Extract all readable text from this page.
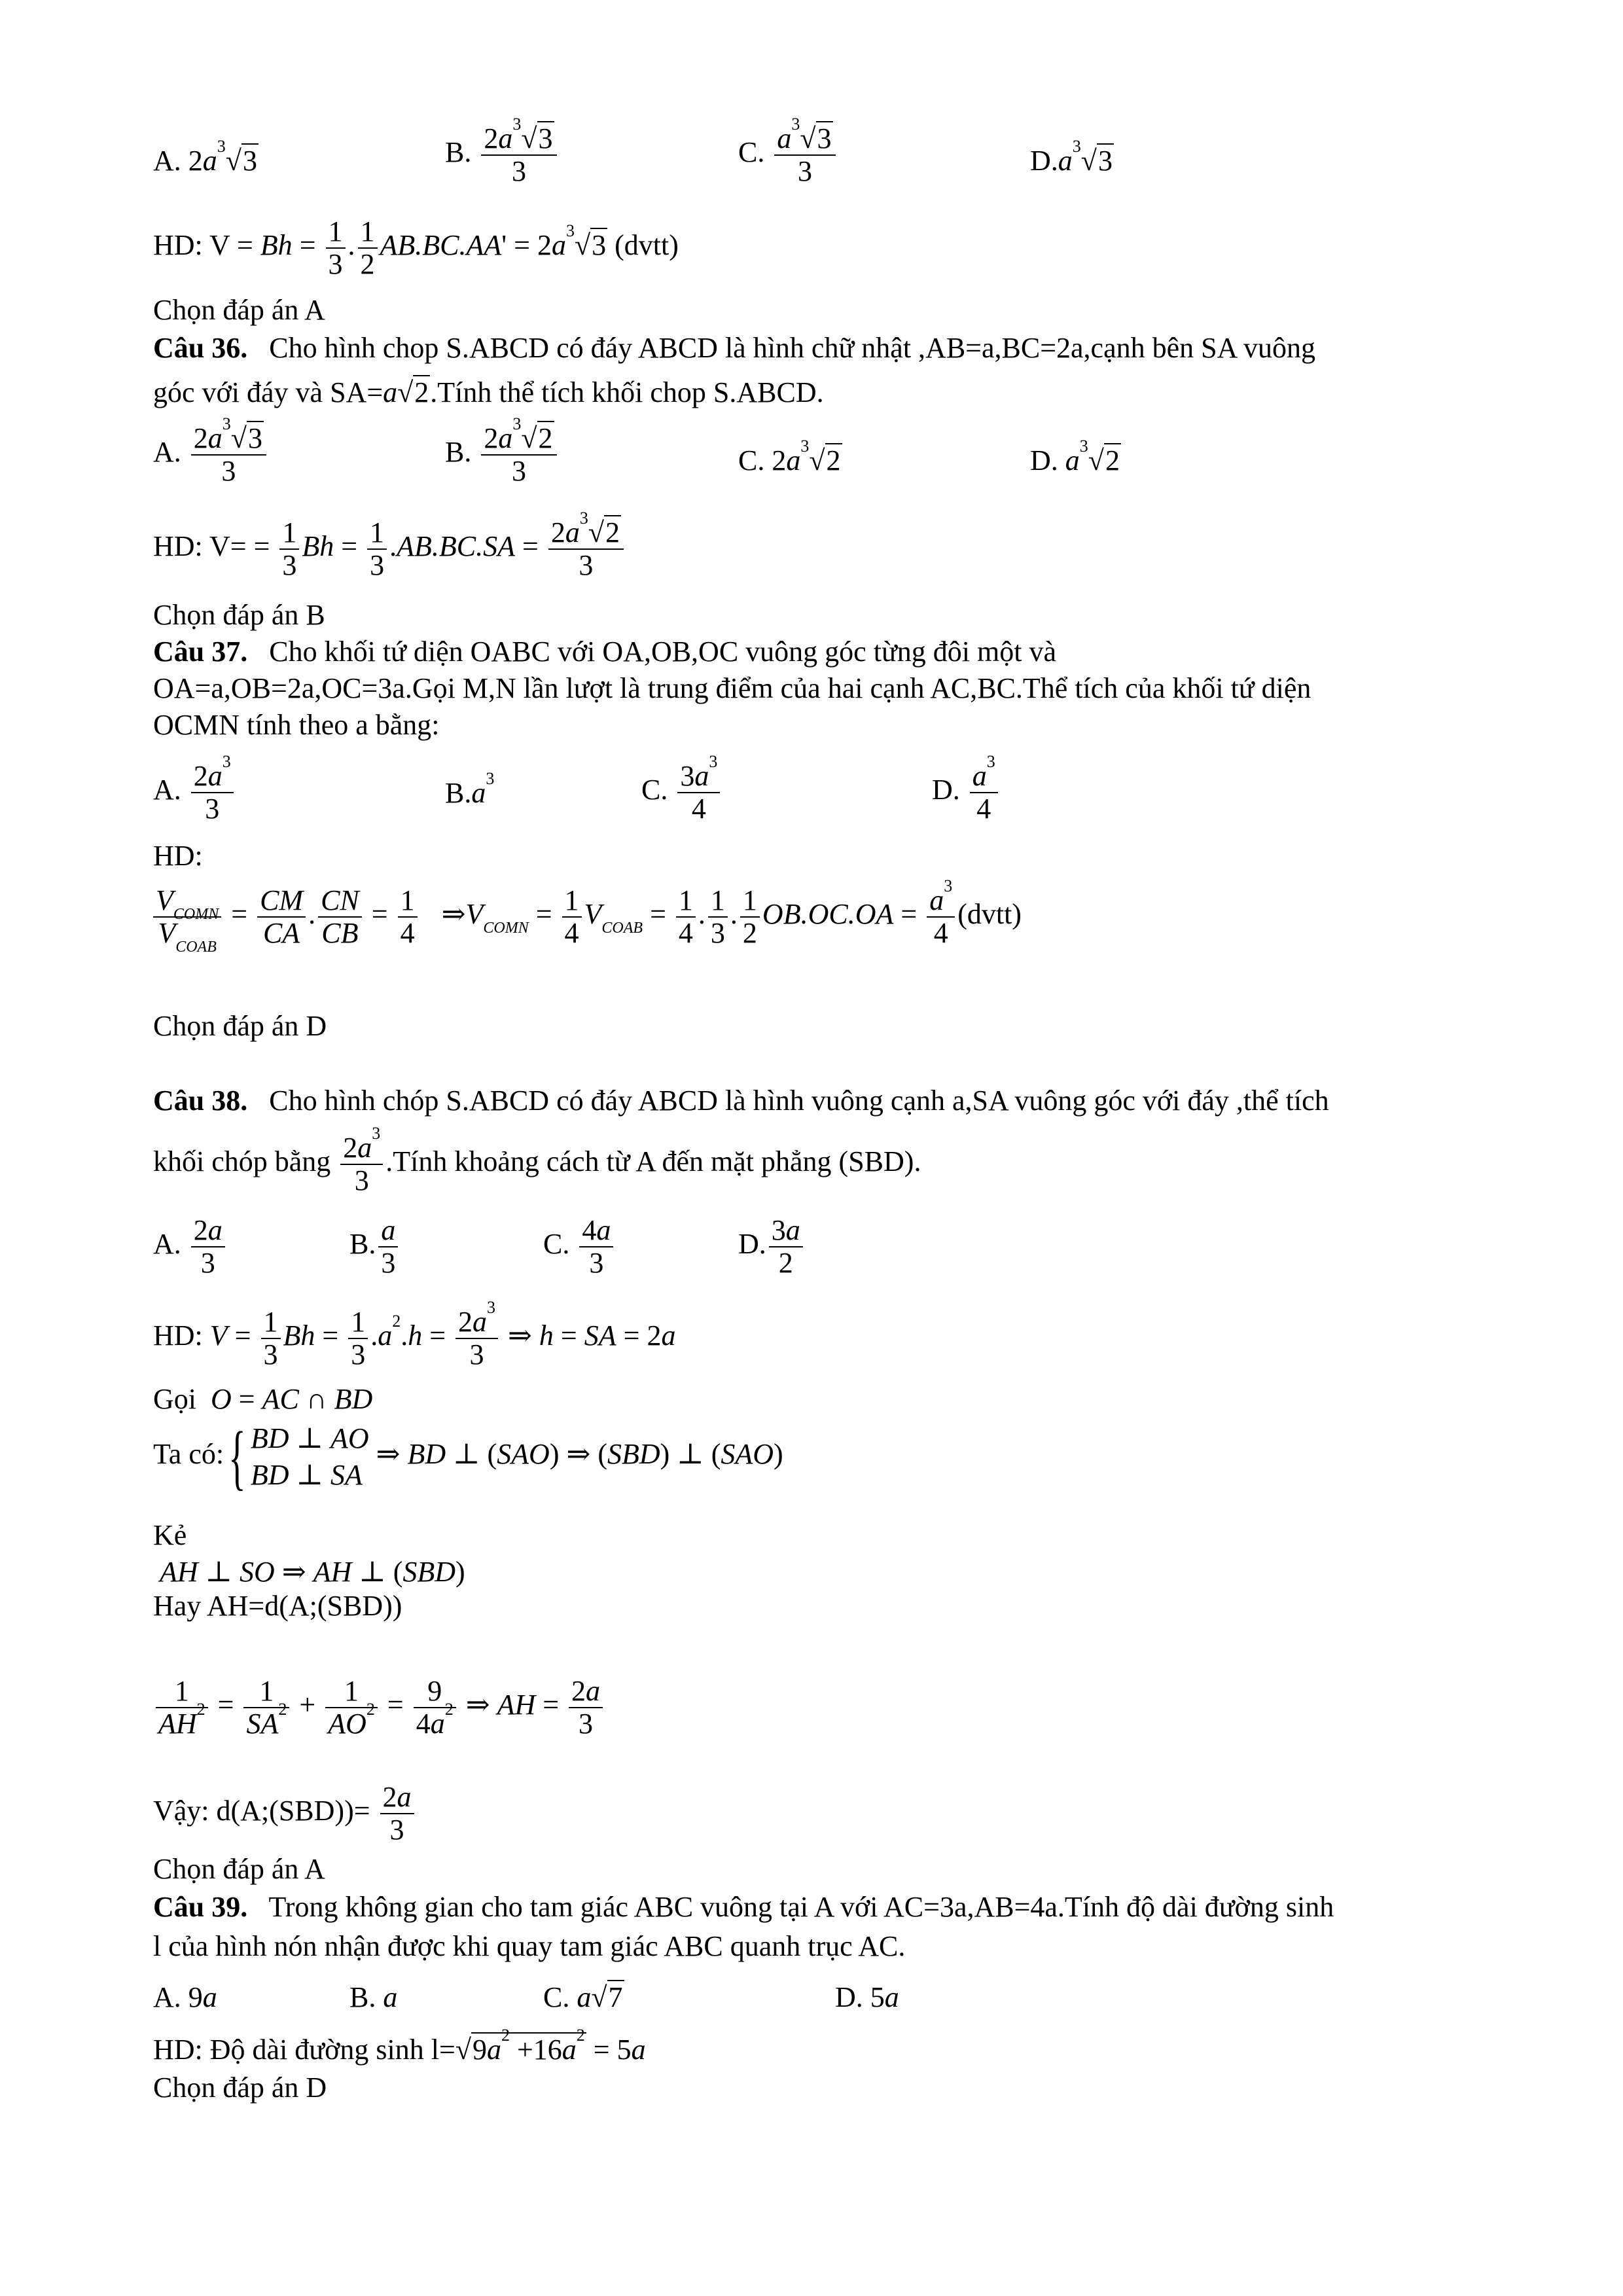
A. $2a^3√3$	B. $\frac{2a^3√3}{3}$	C. $\frac{a^3√3}{3}$	$D.a^3√3$
HD: $V = Bh = \frac{1}{3}$ . $\frac{1}{2} AB.BC.AA' = 2a^3√3$ (dvtt)
Chọn đáp án A
Câu 36. Cho hình chop S.ABCD có đáy ABCD là hình chữ nhật ,AB=a,BC=2a,cạnh bên SA vuông
góc với đáy và SA=a√2.Tính thể tích khối chop S.ABCD.
A. $\frac{2a^3√3}{3}$	B. $\frac{2a^3√2}{3}$	C. $2a^3√2$	D. $a^3√2$
HD: $V= = \frac{1}{3}$ $Bh = \frac{1}{3} .AB.BC.SA = \frac{2a^3√2}{3}$
Chọn đáp án B
Câu 37. Cho khối tứ diện OABC với OA,OB,OC vuông góc từng đôi một và
OA=a,OB=2a,OC=3a.Gọi M,N lần lượt là trung điểm của hai cạnh AC,BC.Thể tích của khối tứ diện
OCMN tính theo a bằng:
A. $\frac{2a^3}{3}$	$B.a^3$	C. $\frac{3a^3}{4}$	D. $\frac{a^3}{4}$
HD:
$\frac{V_{COMN}}{V_{COAB}} = \frac{CM}{CA}$ . $\frac{CN}{CB} = \frac{1}{4}$ $\Rightarrow V_{COMN} = \frac{1}{4} V_{COAB} = \frac{1}{4}$ . $\frac{1}{3}$ . $\frac{1}{2} OB.OC.OA = \frac{a^3}{4}$ (dvtt)
Chọn đáp án D
Câu 38. Cho hình chóp S.ABCD có đáy ABCD là hình vuông cạnh a,SA vuông góc với đáy ,thể tích
khối chóp bằng $\frac{2a^3}{3}$ .Tính khoảng cách từ A đến mặt phẳng (SBD).
A. $\frac{2a}{3}$	B. $\frac{a}{3}$	C. $\frac{4a}{3}$	D. $\frac{3a}{2}$
HD: $V = \frac{1}{3}$ $Bh = \frac{1}{3} .a^2.h = \frac{2a^3}{3}$ ⇒ h = SA = 2a
Gọi O = AC ∩ BD
Ta có:{ BD ⊥ AO
BD ⊥ SA
⇒ BD ⊥ (SAO) ⇒ (SBD) ⊥ (SAO)
Kẻ
AH ⊥ SO ⇒ AH ⊥ (SBD)
Hay AH=d(A;(SBD))
$\frac{1}{AH^2} = \frac{1}{SA^2} + \frac{1}{AO^2} = \frac{9}{4a^2}$ ⇒ AH = $\frac{2a}{3}$
Vậy: d(A;(SBD))= $\frac{2a}{3}$
Chọn đáp án A
Câu 39. Trong không gian cho tam giác ABC vuông tại A với AC=3a,AB=4a.Tính độ dài đường sinh
l của hình nón nhận được khi quay tam giác ABC quanh trục AC.
A. 9a	B. a	C. a√7	D. 5a
HD: Độ dài đường $\sinh l=√9a^2 +16a^2 = 5a$
Chọn đáp án D
